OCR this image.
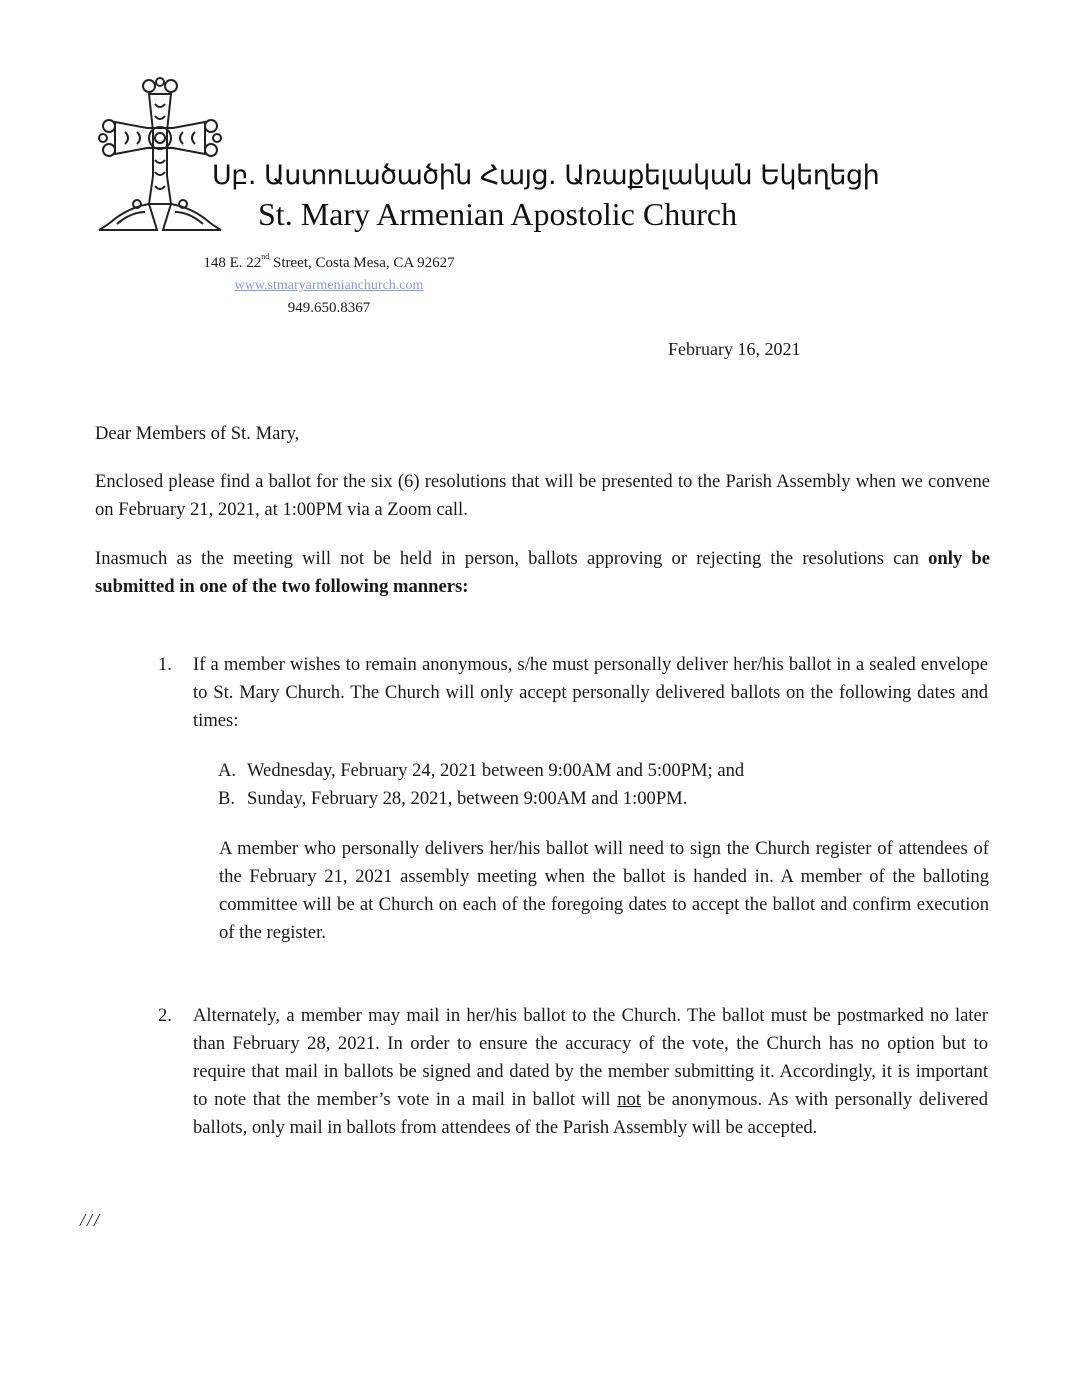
Սբ. Աստուածածին Հայց. Առաքելական Եկեղեցի
St. Mary Armenian Apostolic Church
148 E. 22nd Street, Costa Mesa, CA 92627
www.stmaryarmenianchurch.com
949.650.8367
February 16, 2021
Dear Members of St. Mary,
Enclosed please find a ballot for the six (6) resolutions that will be presented to the Parish Assembly when we convene on February 21, 2021, at 1:00PM via a Zoom call.
Inasmuch as the meeting will not be held in person, ballots approving or rejecting the resolutions can only be submitted in one of the two following manners:
1. If a member wishes to remain anonymous, s/he must personally deliver her/his ballot in a sealed envelope to St. Mary Church. The Church will only accept personally delivered ballots on the following dates and times:
A. Wednesday, February 24, 2021 between 9:00AM and 5:00PM; and
B. Sunday, February 28, 2021, between 9:00AM and 1:00PM.
A member who personally delivers her/his ballot will need to sign the Church register of attendees of the February 21, 2021 assembly meeting when the ballot is handed in. A member of the balloting committee will be at Church on each of the foregoing dates to accept the ballot and confirm execution of the register.
2. Alternately, a member may mail in her/his ballot to the Church. The ballot must be postmarked no later than February 28, 2021. In order to ensure the accuracy of the vote, the Church has no option but to require that mail in ballots be signed and dated by the member submitting it. Accordingly, it is important to note that the member’s vote in a mail in ballot will not be anonymous. As with personally delivered ballots, only mail in ballots from attendees of the Parish Assembly will be accepted.
///
